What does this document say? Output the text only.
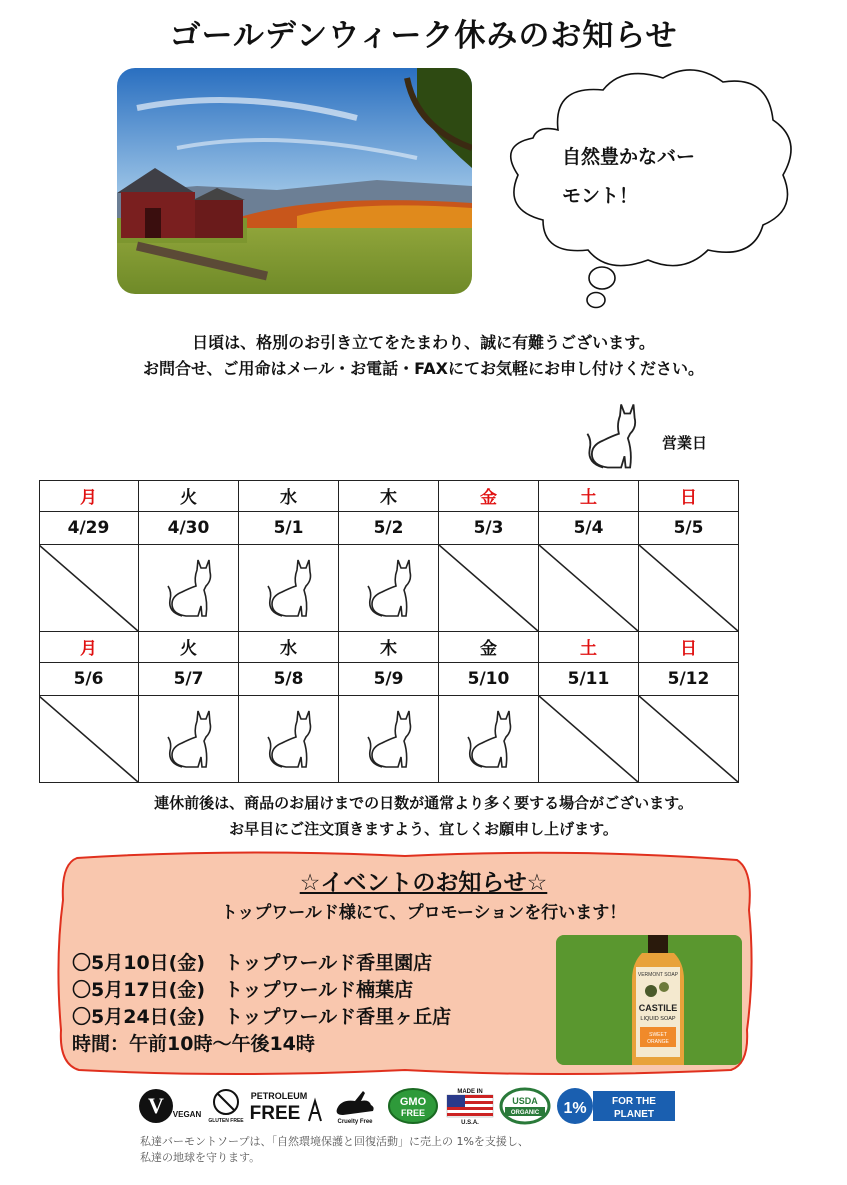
ゴールデンウィーク休みのお知らせ
自然豊かなバー
モント！
日頃は、格別のお引き立てをたまわり、誠に有難うございます。
お問合せ、ご用命はメール・お電話・FAXにてお気軽にお申し付けください。
営業日
月
4/29
火
4/30
水
5/1
木
5/2
金
5/3
土
5/4
日
5/5
月
5/6
火
5/7
水
5/8
木
5/9
金
5/10
土
5/11
日
5/12
連休前後は、商品のお届けまでの日数が通常より多く要する場合がございます。
お早目にご注文頂きますよう、宜しくお願申し上げます。
☆イベントのお知らせ☆
トップワールド様にて、プロモーションを行います！
〇5月10日(金)　トップワールド香里園店
〇5月17日(金)　トップワールド楠葉店
〇5月24日(金)　トップワールド香里ヶ丘店
時間：午前10時～午後14時
VERMONT SOAP
CASTILE
LIQUID SOAP
SWEET
ORANGE
V VEGAN
GLUTEN FREE
PETROLEUM
FREE	Cruelty Free
GMO
FREE
MADE IN
U.S.A.
USDA
ORGANIC 1%	FOR THE
PLANET
私達バーモントソープは、「自然環境保護と回復活動」に売上の 1%を支援し、
私達の地球を守ります。
